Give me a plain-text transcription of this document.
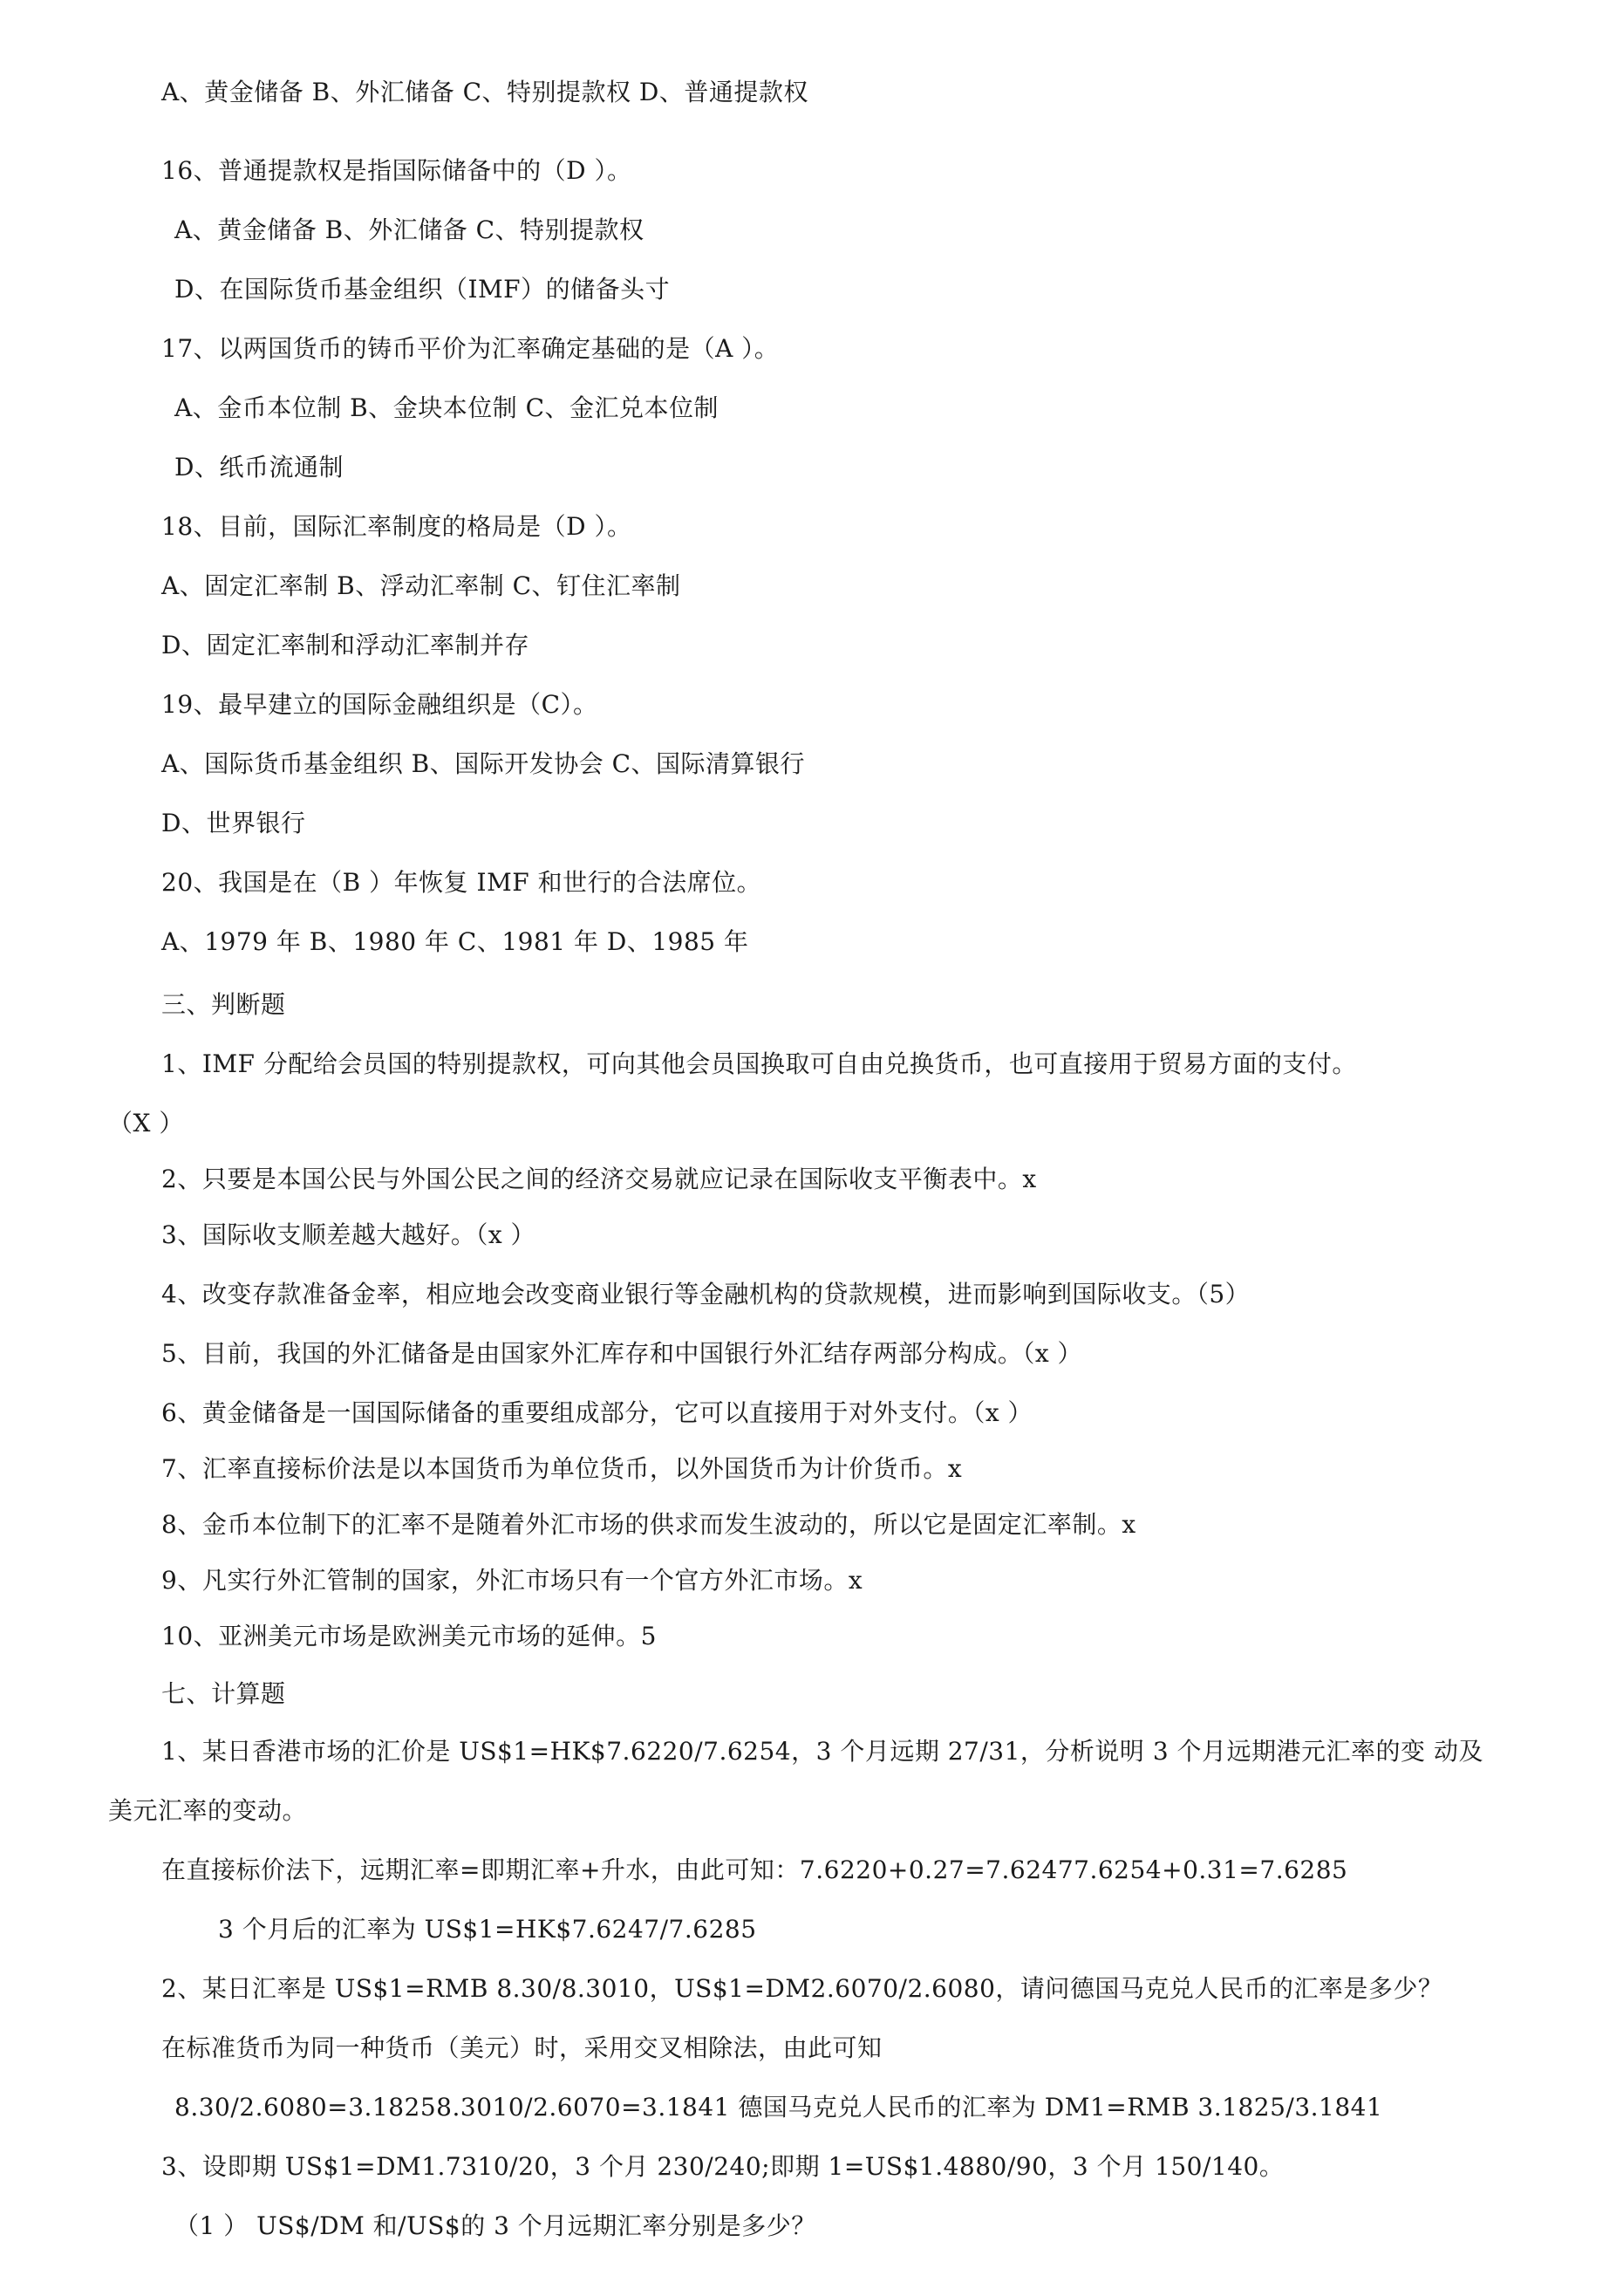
A、黄金储备 B、外汇储备 C、特别提款权 D、普通提款权
16、普通提款权是指国际储备中的（D ）。
A、黄金储备 B、外汇储备 C、特别提款权
D、在国际货币基金组织（IMF）的储备头寸
17、以两国货币的铸币平价为汇率确定基础的是（A ）。
A、金币本位制 B、金块本位制 C、金汇兑本位制
D、纸币流通制
18、目前，国际汇率制度的格局是（D ）。
A、固定汇率制 B、浮动汇率制 C、钉住汇率制
D、固定汇率制和浮动汇率制并存
19、最早建立的国际金融组织是（C）。
A、国际货币基金组织 B、国际开发协会 C、国际清算银行
D、世界银行
20、我国是在（B ）年恢复 IMF 和世行的合法席位。
A、1979 年 B、1980 年 C、1981 年 D、1985 年
三、判断题
1、IMF 分配给会员国的特别提款权，可向其他会员国换取可自由兑换货币，也可直接用于贸易方面的支付。
（X ）
2、只要是本国公民与外国公民之间的经济交易就应记录在国际收支平衡表中。x
3、国际收支顺差越大越好。（x ）
4、改变存款准备金率，相应地会改变商业银行等金融机构的贷款规模，进而影响到国际收支。（5）
5、目前，我国的外汇储备是由国家外汇库存和中国银行外汇结存两部分构成。（x ）
6、黄金储备是一国国际储备的重要组成部分，它可以直接用于对外支付。（x ）
7、汇率直接标价法是以本国货币为单位货币，以外国货币为计价货币。x
8、金币本位制下的汇率不是随着外汇市场的供求而发生波动的，所以它是固定汇率制。x
9、凡实行外汇管制的国家，外汇市场只有一个官方外汇市场。x
10、亚洲美元市场是欧洲美元市场的延伸。5
七、计算题
1、某日香港市场的汇价是 US$1=HK$7.6220/7.6254，3 个月远期 27/31，分析说明 3 个月远期港元汇率的变 动及
美元汇率的变动。
在直接标价法下，远期汇率=即期汇率+升水，由此可知：7.6220+0.27=7.62477.6254+0.31=7.6285
3 个月后的汇率为 US$1=HK$7.6247/7.6285
2、某日汇率是 US$1=RMB 8.30/8.3010，US$1=DM2.6070/2.6080，请问德国马克兑人民币的汇率是多少？
在标准货币为同一种货币（美元）时，采用交叉相除法，由此可知
8.30/2.6080=3.18258.3010/2.6070=3.1841 德国马克兑人民币的汇率为 DM1=RMB 3.1825/3.1841
3、设即期 US$1=DM1.7310/20，3 个月 230/240;即期 1=US$1.4880/90，3 个月 150/140。
（1 ） US$/DM 和/US$的 3 个月远期汇率分别是多少？
